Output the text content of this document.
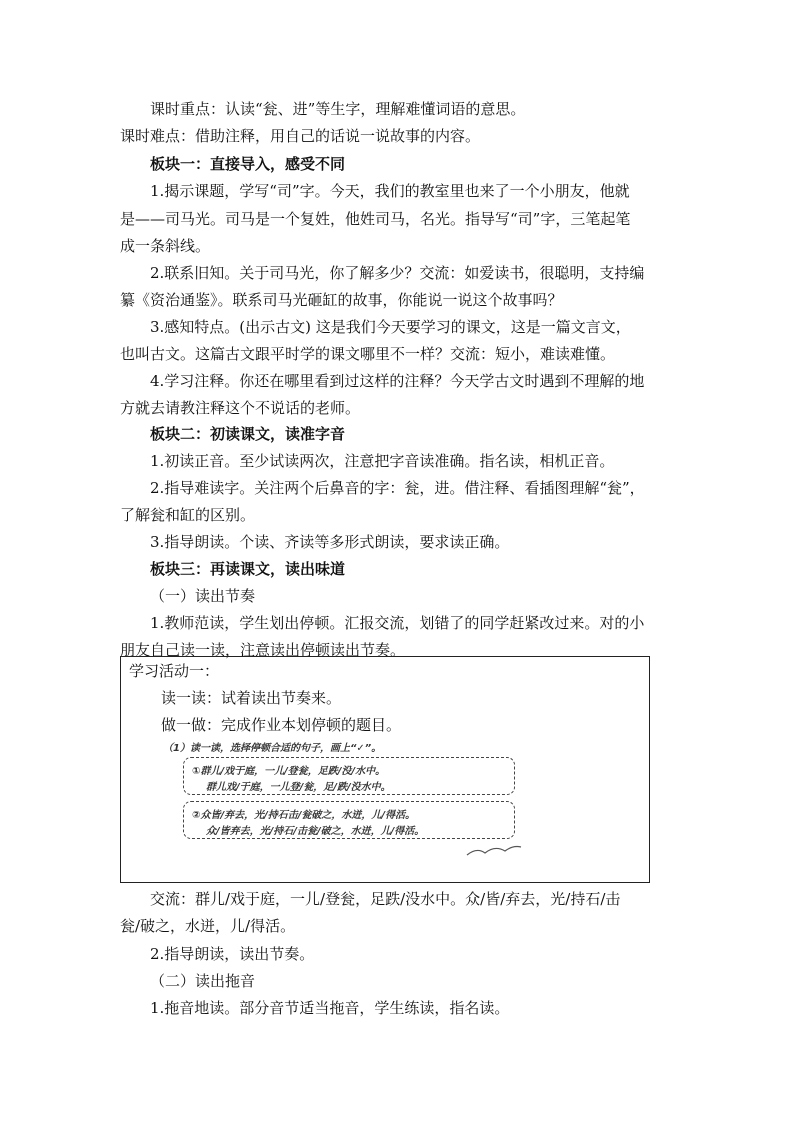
课时重点：认读“瓮、进”等生字，理解难懂词语的意思。
课时难点：借助注释，用自己的话说一说故事的内容。
板块一：直接导入，感受不同
1.揭示课题，学写“司”字。今天，我们的教室里也来了一个小朋友，他就
是——司马光。司马是一个复姓，他姓司马，名光。指导写“司”字，三笔起笔
成一条斜线。
2.联系旧知。关于司马光，你了解多少？交流：如爱读书，很聪明，支持编
纂《资治通鉴》。联系司马光砸缸的故事，你能说一说这个故事吗？
3.感知特点。(出示古文) 这是我们今天要学习的课文，这是一篇文言文，
也叫古文。这篇古文跟平时学的课文哪里不一样？交流：短小，难读难懂。
4.学习注释。你还在哪里看到过这样的注释？今天学古文时遇到不理解的地
方就去请教注释这个不说话的老师。
板块二：初读课文，读准字音
1.初读正音。至少试读两次，注意把字音读准确。指名读，相机正音。
2.指导难读字。关注两个后鼻音的字：瓮，进。借注释、看插图理解“瓮”，
了解瓮和缸的区别。
3.指导朗读。个读、齐读等多形式朗读，要求读正确。
板块三：再读课文，读出味道
（一）读出节奏
1.教师范读，学生划出停顿。汇报交流，划错了的同学赶紧改过来。对的小
朋友自己读一读，注意读出停顿读出节奏。
学习活动一：
读一读：试着读出节奏来。
做一做：完成作业本划停顿的题目。
（1）读一读，选择停顿合适的句子，画上“✓”。
①群儿/戏于庭，一儿/登瓮，足跌/没/水中。
群儿戏/于庭，一儿登/瓮，足/跌/没水中。
②众皆/弃去，光/持石击/瓮破之，水迸，儿/得活。
众/皆弃去，光/持石/击瓮/破之，水迸，儿/得活。
交流：群儿/戏于庭，一儿/登瓮，足跌/没水中。众/皆/弃去，光/持石/击
瓮/破之，水迸，儿/得活。
2.指导朗读，读出节奏。
（二）读出拖音
1.拖音地读。部分音节适当拖音，学生练读，指名读。
